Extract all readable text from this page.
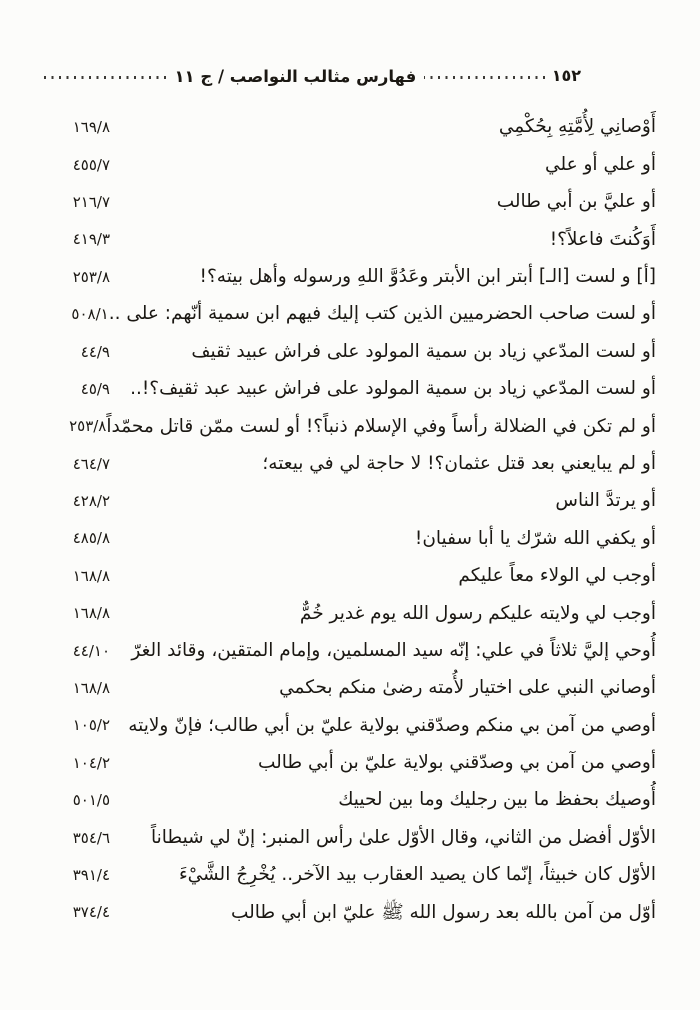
١٥٢
فهارس مثالب النواصب / ج ١١
أَوْصانِي لِأُمَّتِهِ بِحُكْمِي
١٦٩/٨
أو علي أو علي
٤٥٥/٧
أو عليَّ بن أبي طالب
٢١٦/٧
أَوَكُنتَ فاعلاً؟!
٤١٩/٣
[أ] و لست [الـ] أبتر ابن الأبتر وعَدُوَّ اللهِ ورسوله وأهل بيته؟!
٢٥٣/٨
أو لست صاحب الحضرميين الذين كتب إليك فيهم ابن سمية أنّهم: على ..
٥٠٨/١
أو لست المدّعي زياد بن سمية المولود على فراش عبيد ثقيف
٤٤/٩
أو لست المدّعي زياد بن سمية المولود على فراش عبيد عبد ثقيف؟!..
٤٥/٩
أو لم تكن في الضلالة رأساً وفي الإسلام ذنباً؟! أو لست ممّن قاتل محمّداً
٢٥٣/٨
أو لم يبايعني بعد قتل عثمان؟! لا حاجة لي في بيعته؛
٤٦٤/٧
أو يرتدَّ الناس
٤٢٨/٢
أو يكفي الله شرّك يا أبا سفيان!
٤٨٥/٨
أوجب لي الولاء معاً عليكم
١٦٨/٨
أوجب لي ولايته عليكم رسول الله يوم غدير خُمٌّ
١٦٨/٨
أُوحي إليَّ ثلاثاً في علي: إنّه سيد المسلمين، وإمام المتقين، وقائد الغرّ
٤٤/١٠
أوصاني النبي على اختيار لأُمته رضىٰ منكم بحكمي
١٦٨/٨
أوصي من آمن بي منكم وصدّقني بولاية عليّ بن أبي طالب؛ فإنّ ولايته
١٠٥/٢
أوصي من آمن بي وصدّقني بولاية عليّ بن أبي طالب
١٠٤/٢
أُوصيك بحفظ ما بين رجليك وما بين لحييك
٥٠١/٥
الأوّل أفضل من الثاني، وقال الأوّل علىٰ رأس المنبر: إنّ لي شيطاناً
٣٥٤/٦
الأوّل كان خبيثاً، إنّما كان يصيد العقارب بيد الآخر.. يُخْرِجُ الشَّيْءَ
٣٩١/٤
أوّل من آمن بالله بعد رسول الله ﷺ عليّ ابن أبي طالب
٣٧٤/٤
